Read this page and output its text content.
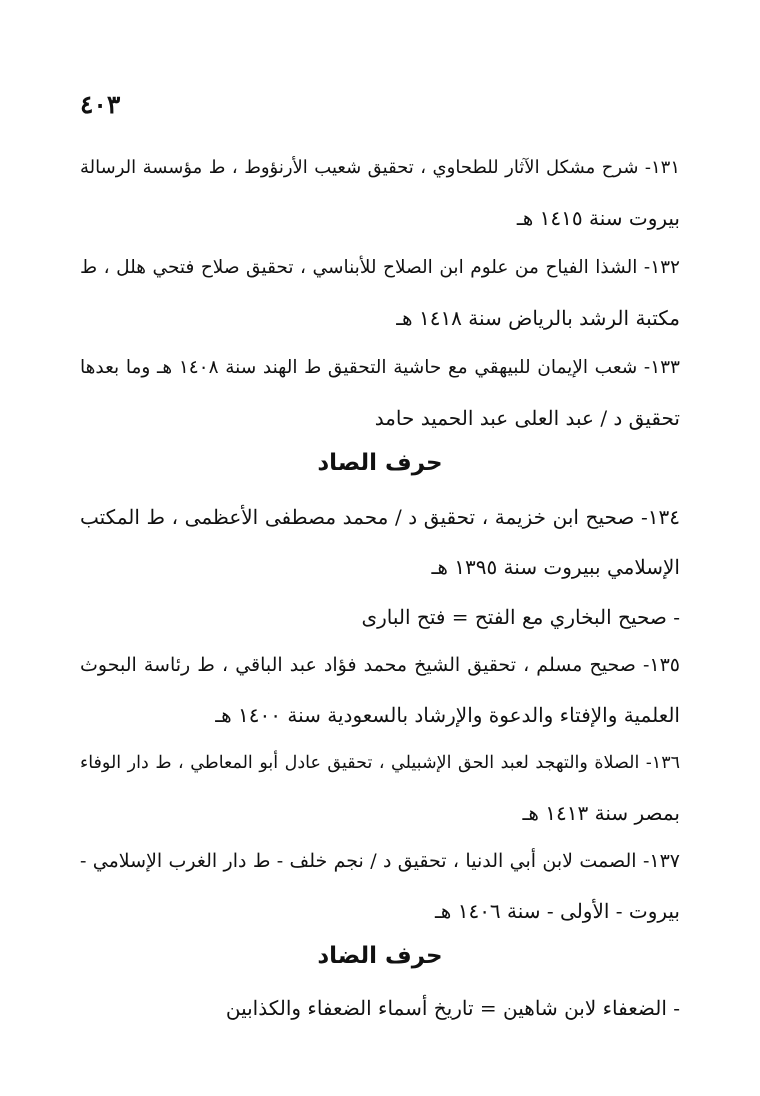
٤٠٣
١٣١- شرح مشكل الآثار للطحاوي ، تحقيق شعيب الأرنؤوط ، ط مؤسسة الرسالة
بيروت سنة ١٤١٥ هـ
١٣٢- الشذا الفياح من علوم ابن الصلاح للأبناسي ، تحقيق صلاح فتحي هلل ، ط
مكتبة الرشد بالرياض سنة ١٤١٨ هـ
١٣٣- شعب الإيمان للبيهقي مع حاشية التحقيق ط الهند سنة ١٤٠٨ هـ وما بعدها
تحقيق د / عبد العلى عبد الحميد حامد
حرف الصاد
١٣٤- صحيح ابن خزيمة ، تحقيق د / محمد مصطفى الأعظمى ، ط المكتب
الإسلامي ببيروت سنة ١٣٩٥ هـ
- صحيح البخاري مع الفتح = فتح البارى
١٣٥- صحيح مسلم ، تحقيق الشيخ محمد فؤاد عبد الباقي ، ط رئاسة البحوث
العلمية والإفتاء والدعوة والإرشاد بالسعودية سنة ١٤٠٠ هـ
١٣٦- الصلاة والتهجد لعبد الحق الإشبيلي ، تحقيق عادل أبو المعاطي ، ط دار الوفاء
بمصر سنة ١٤١٣ هـ
١٣٧- الصمت لابن أبي الدنيا ، تحقيق د / نجم خلف - ط دار الغرب الإسلامي -
بيروت - الأولى - سنة ١٤٠٦ هـ
حرف الضاد
- الضعفاء لابن شاهين = تاريخ أسماء الضعفاء والكذابين
